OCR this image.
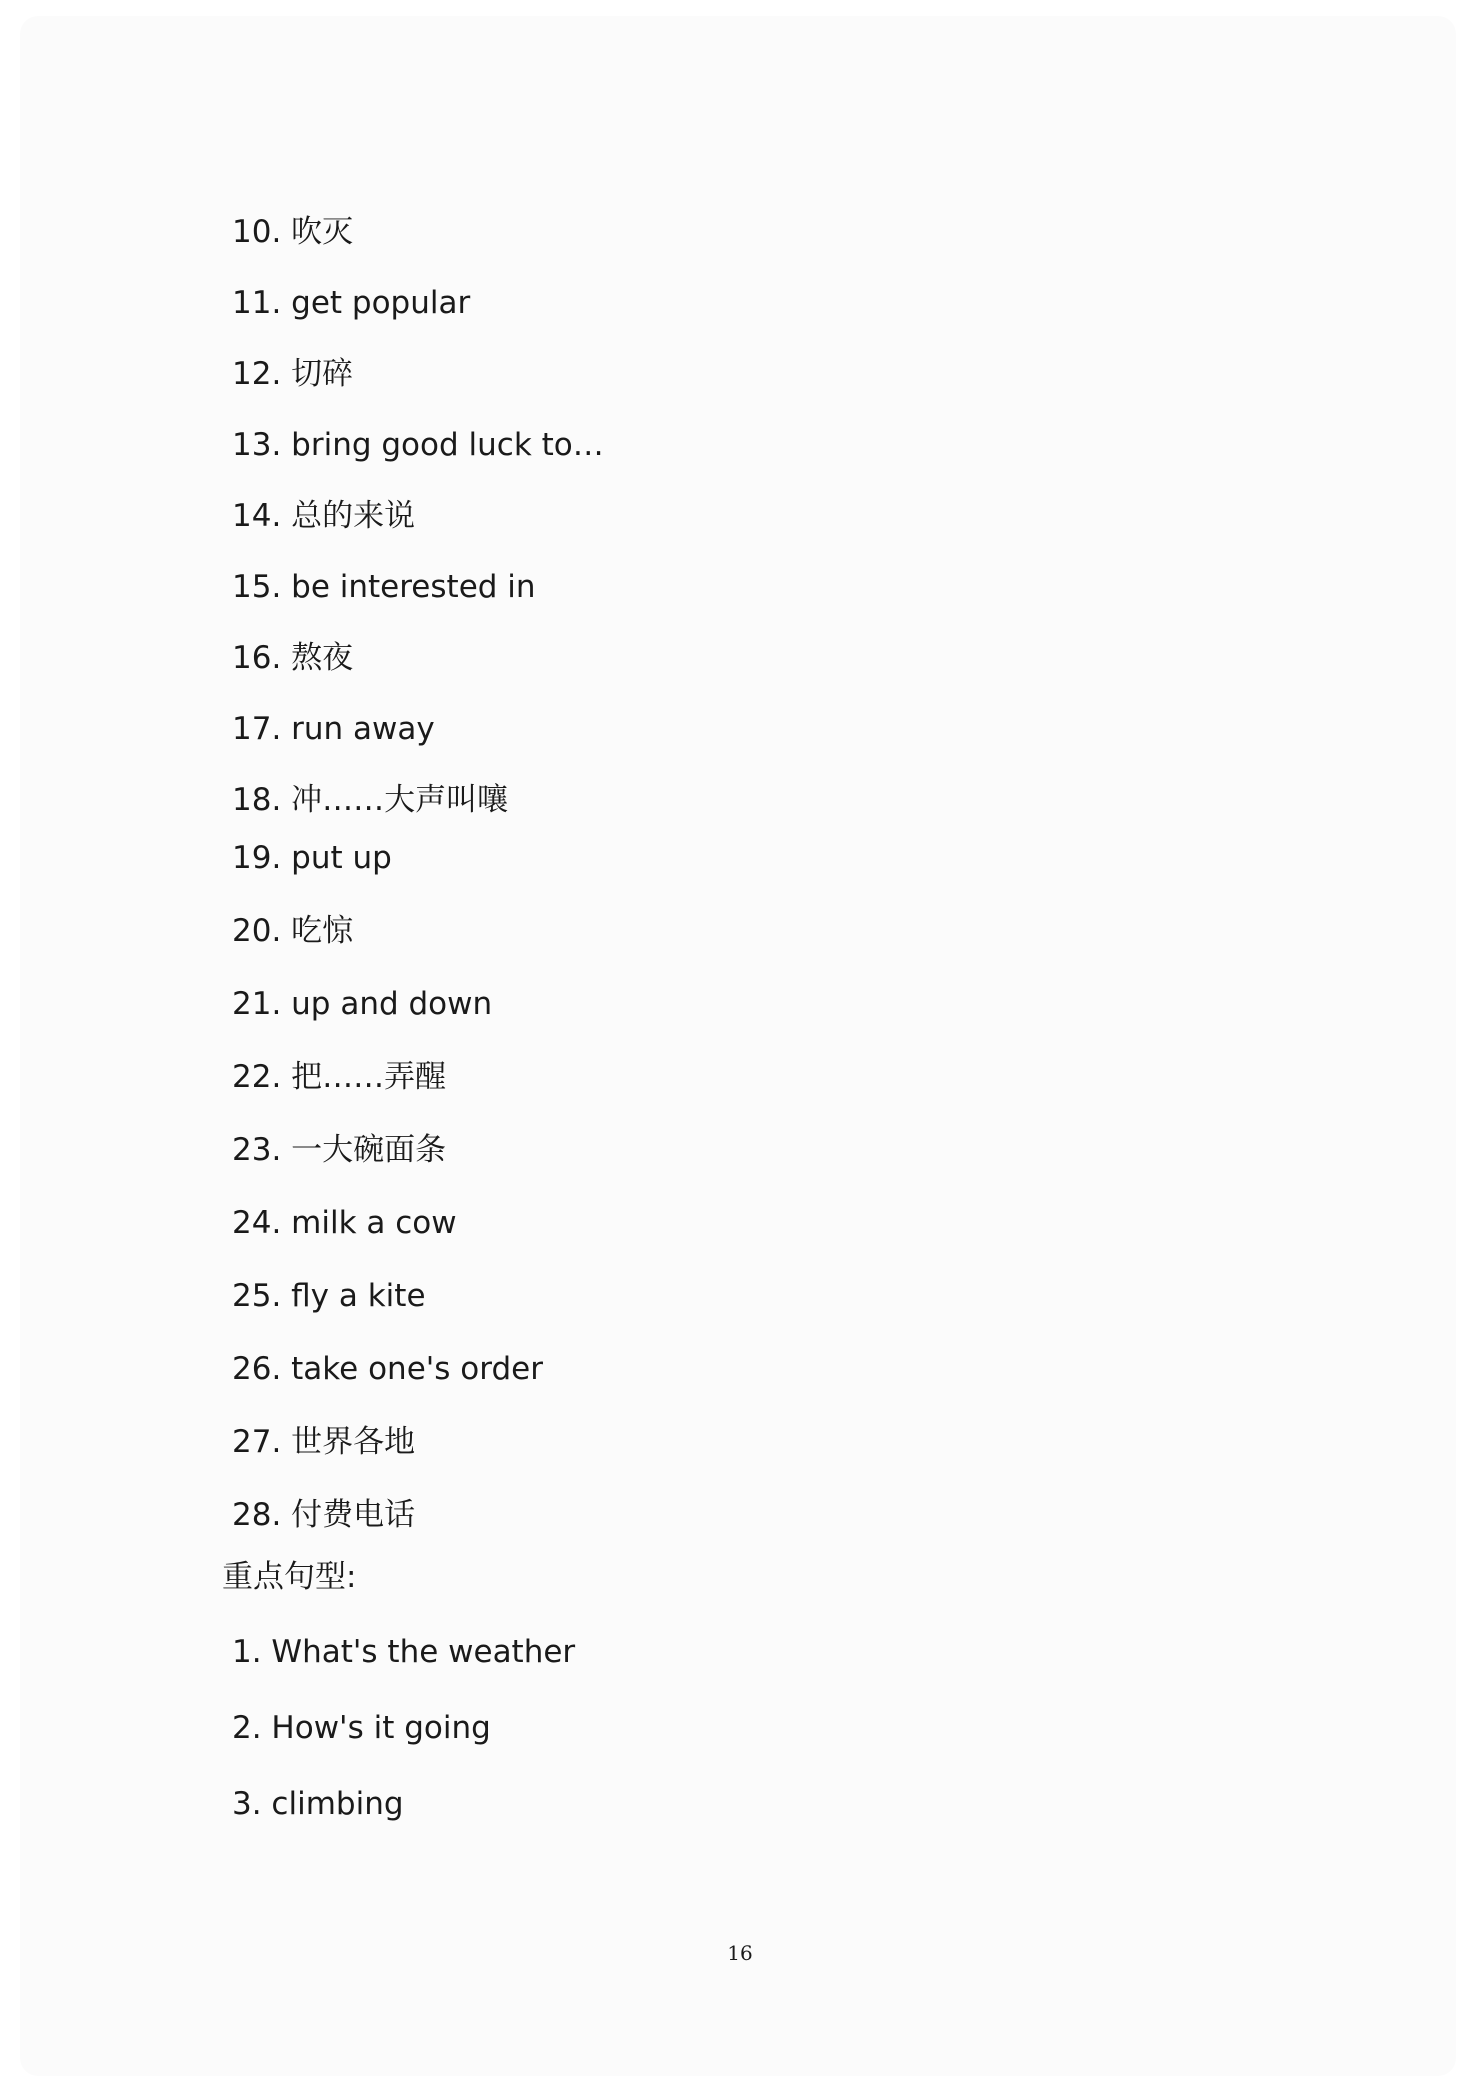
10. 吹灭
11. get popular
12. 切碎
13. bring good luck to…
14. 总的来说
15. be interested in
16. 熬夜
17. run away
18. 冲……大声叫嚷
19. put up
20. 吃惊
21. up and down
22. 把……弄醒
23. 一大碗面条
24. milk a cow
25. fly a kite
26. take one's order
27. 世界各地
28. 付费电话
重点句型:
1. What's the weather
2. How's it going
3. climbing
16
